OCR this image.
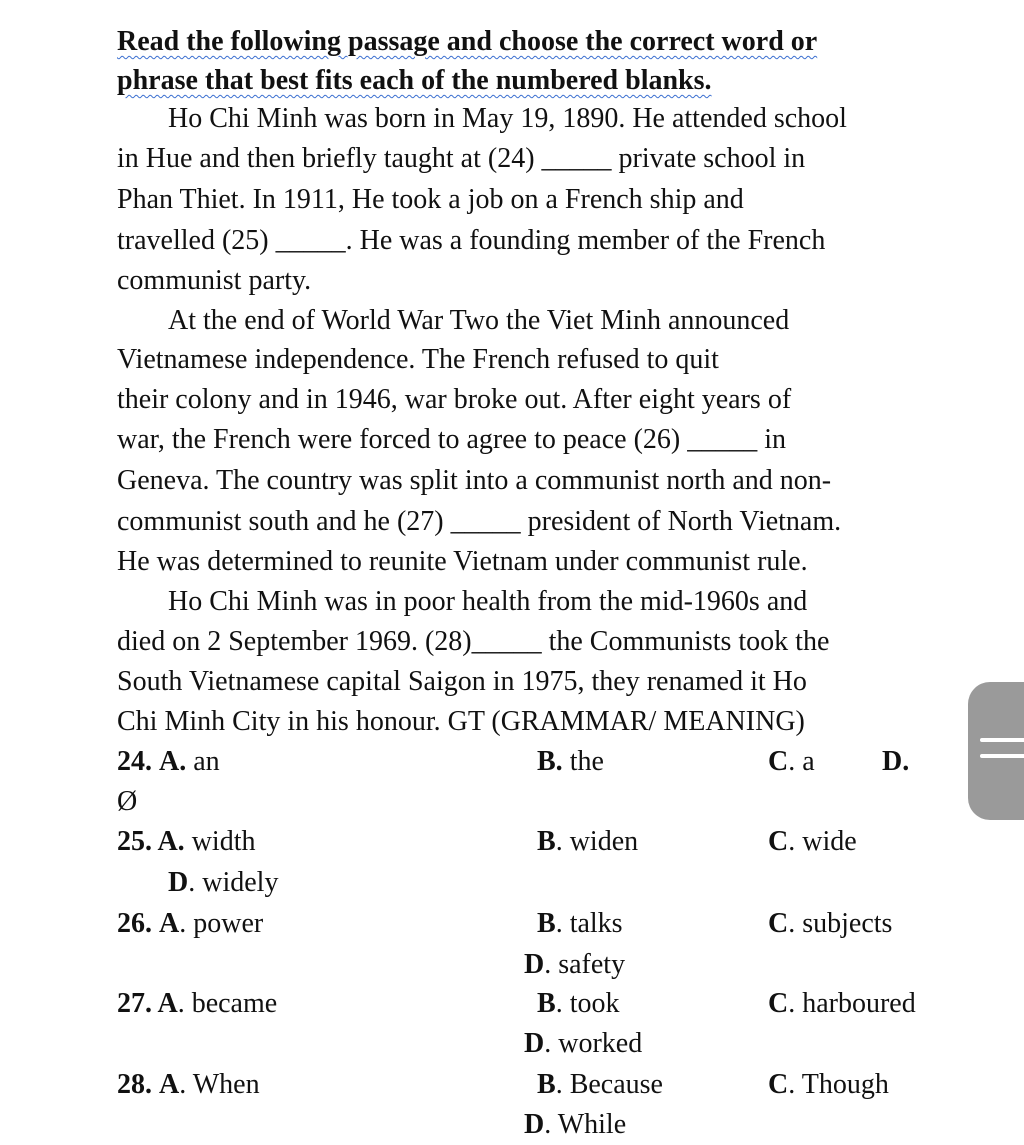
Read the following passage and choose the correct word or

phrase that best fits each of the numbered blanks.

Ho Chi Minh was born in May 19, 1890. He attended school

in Hue and then briefly taught at (24) _____ private school in

Phan Thiet. In 1911, He took a job on a French ship and

travelled (25) _____. He was a founding member of the French

communist party.

At the end of World War Two the Viet Minh announced

Vietnamese independence. The French refused to quit

their colony and in 1946, war broke out. After eight years of

war, the French were forced to agree to peace (26) _____ in

Geneva. The country was split into a communist north and non-

communist south and he (27) _____ president of North Vietnam.

He was determined to reunite Vietnam under communist rule.

Ho Chi Minh was in poor health from the mid-1960s and

died on 2 September 1969. (28)_____ the Communists took the

South Vietnamese capital Saigon in 1975, they renamed it Ho

Chi Minh City in his honour. GT (GRAMMAR/ MEANING)

24. A. an	B. the	C. a D.

Ø

25. A. width	B. widen	C. wide

D. widely

26. A. power	B. talks	C. subjects

D. safety

27. A. became	B. took	C. harboured

D. worked

28. A. When	B. Because	C. Though

D. While
